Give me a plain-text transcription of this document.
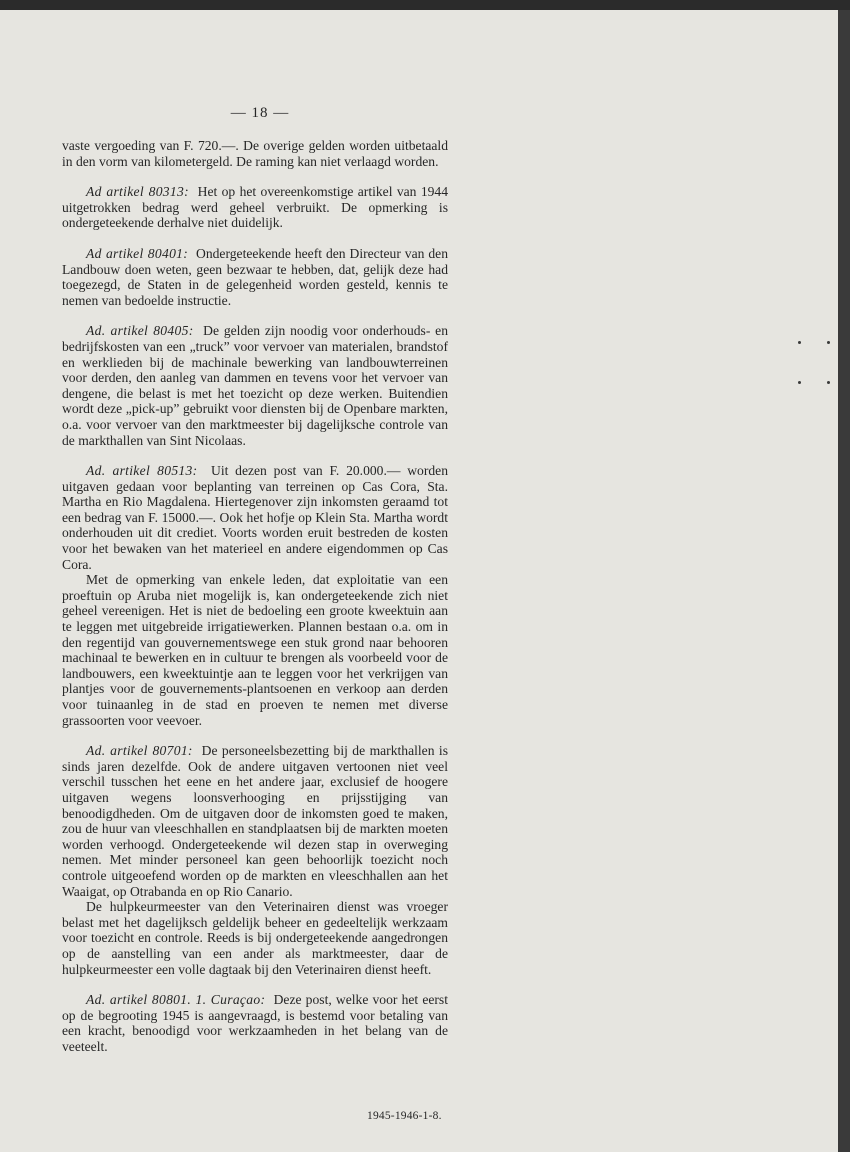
— 18 —

vaste vergoeding van F. 720.—. De overige gelden worden uitbetaald in den vorm van kilometergeld. De raming kan niet verlaagd worden.

Ad artikel 80313: Het op het overeenkomstige artikel van 1944 uitgetrokken bedrag werd geheel verbruikt. De opmerking is ondergeteekende derhalve niet duidelijk.

Ad artikel 80401: Ondergeteekende heeft den Directeur van den Landbouw doen weten, geen bezwaar te hebben, dat, gelijk deze had toegezegd, de Staten in de gelegenheid worden gesteld, kennis te nemen van bedoelde instructie.

Ad. artikel 80405: De gelden zijn noodig voor onderhouds- en bedrijfskosten van een „truck” voor vervoer van materialen, brandstof en werklieden bij de machinale bewerking van landbouwterreinen voor derden, den aanleg van dammen en tevens voor het vervoer van dengene, die belast is met het toezicht op deze werken. Buitendien wordt deze „pick-up” gebruikt voor diensten bij de Openbare markten, o.a. voor vervoer van den marktmeester bij dagelijksche controle van de markthallen van Sint Nicolaas.

Ad. artikel 80513: Uit dezen post van F. 20.000.— worden uitgaven gedaan voor beplanting van terreinen op Cas Cora, Sta. Martha en Rio Magdalena. Hiertegenover zijn inkomsten geraamd tot een bedrag van F. 15000.—. Ook het hofje op Klein Sta. Martha wordt onderhouden uit dit crediet. Voorts worden eruit bestreden de kosten voor het bewaken van het materieel en andere eigendommen op Cas Cora.

Met de opmerking van enkele leden, dat exploitatie van een proeftuin op Aruba niet mogelijk is, kan ondergeteekende zich niet geheel vereenigen. Het is niet de bedoeling een groote kweektuin aan te leggen met uitgebreide irrigatiewerken. Plannen bestaan o.a. om in den regentijd van gouvernementswege een stuk grond naar behooren machinaal te bewerken en in cultuur te brengen als voorbeeld voor de landbouwers, een kweektuintje aan te leggen voor het verkrijgen van plantjes voor de gouvernements-plantsoenen en verkoop aan derden voor tuinaanleg in de stad en proeven te nemen met diverse grassoorten voor veevoer.

Ad. artikel 80701: De personeelsbezetting bij de markthallen is sinds jaren dezelfde. Ook de andere uitgaven vertoonen niet veel verschil tusschen het eene en het andere jaar, exclusief de hoogere uitgaven wegens loonsverhooging en prijsstijging van benoodigdheden. Om de uitgaven door de inkomsten goed te maken, zou de huur van vleeschhallen en standplaatsen bij de markten moeten worden verhoogd. Ondergeteekende wil dezen stap in overweging nemen. Met minder personeel kan geen behoorlijk toezicht noch controle uitgeoefend worden op de markten en vleeschhallen aan het Waaigat, op Otrabanda en op Rio Canario.

De hulpkeurmeester van den Veterinairen dienst was vroeger belast met het dagelijksch geldelijk beheer en gedeeltelijk werkzaam voor toezicht en controle. Reeds is bij ondergeteekende aangedrongen op de aanstelling van een ander als marktmeester, daar de hulpkeurmeester een volle dagtaak bij den Veterinairen dienst heeft.

Ad. artikel 80801. 1. Curaçao: Deze post, welke voor het eerst op de begrooting 1945 is aangevraagd, is bestemd voor betaling van een kracht, benoodigd voor werkzaamheden in het belang van de veeteelt.

1945-1946-1-8.
